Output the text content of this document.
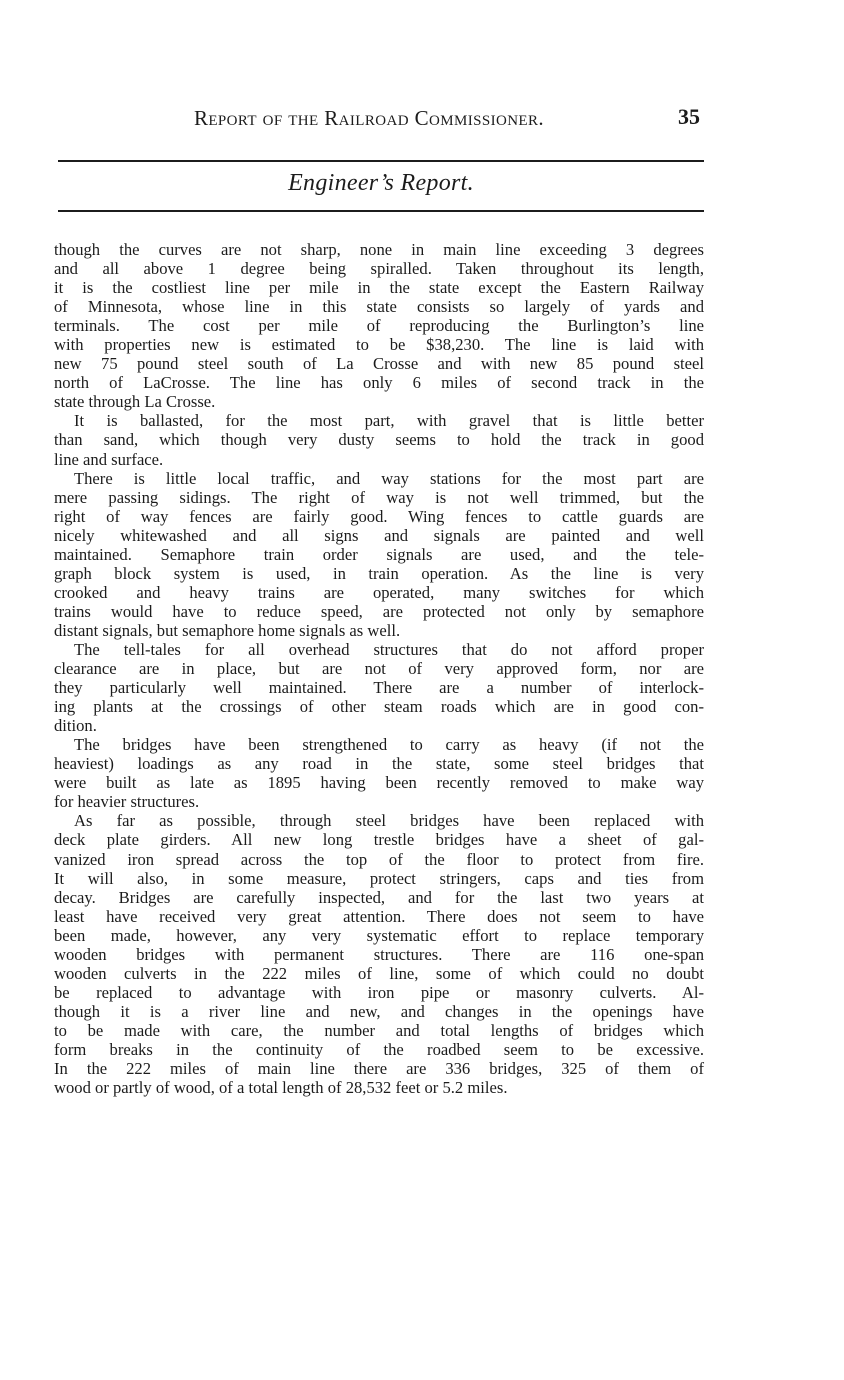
Report of the Railroad Commissioner.	35
Engineer’s Report.
though the curves are not sharp, none in main line exceeding 3 degrees
and all above 1 degree being spiralled. Taken throughout its length,
it is the costliest line per mile in the state except the Eastern Railway
of Minnesota, whose line in this state consists so largely of yards and
terminals. The cost per mile of reproducing the Burlington’s line
with properties new is estimated to be $38,230. The line is laid with
new 75 pound steel south of La Crosse and with new 85 pound steel
north of LaCrosse. The line has only 6 miles of second track in the
state through La Crosse.
It is ballasted, for the most part, with gravel that is little better
than sand, which though very dusty seems to hold the track in good
line and surface.
There is little local traffic, and way stations for the most part are
mere passing sidings. The right of way is not well trimmed, but the
right of way fences are fairly good. Wing fences to cattle guards are
nicely whitewashed and all signs and signals are painted and well
maintained. Semaphore train order signals are used, and the tele-
graph block system is used, in train operation. As the line is very
crooked and heavy trains are operated, many switches for which
trains would have to reduce speed, are protected not only by semaphore
distant signals, but semaphore home signals as well.
The tell-tales for all overhead structures that do not afford proper
clearance are in place, but are not of very approved form, nor are
they particularly well maintained. There are a number of interlock-
ing plants at the crossings of other steam roads which are in good con-
dition.
The bridges have been strengthened to carry as heavy (if not the
heaviest) loadings as any road in the state, some steel bridges that
were built as late as 1895 having been recently removed to make way
for heavier structures.
As far as possible, through steel bridges have been replaced with
deck plate girders. All new long trestle bridges have a sheet of gal-
vanized iron spread across the top of the floor to protect from fire.
It will also, in some measure, protect stringers, caps and ties from
decay. Bridges are carefully inspected, and for the last two years at
least have received very great attention. There does not seem to have
been made, however, any very systematic effort to replace temporary
wooden bridges with permanent structures. There are 116 one-span
wooden culverts in the 222 miles of line, some of which could no doubt
be replaced to advantage with iron pipe or masonry culverts. Al-
though it is a river line and new, and changes in the openings have
to be made with care, the number and total lengths of bridges which
form breaks in the continuity of the roadbed seem to be excessive.
In the 222 miles of main line there are 336 bridges, 325 of them of
wood or partly of wood, of a total length of 28,532 feet or 5.2 miles.
